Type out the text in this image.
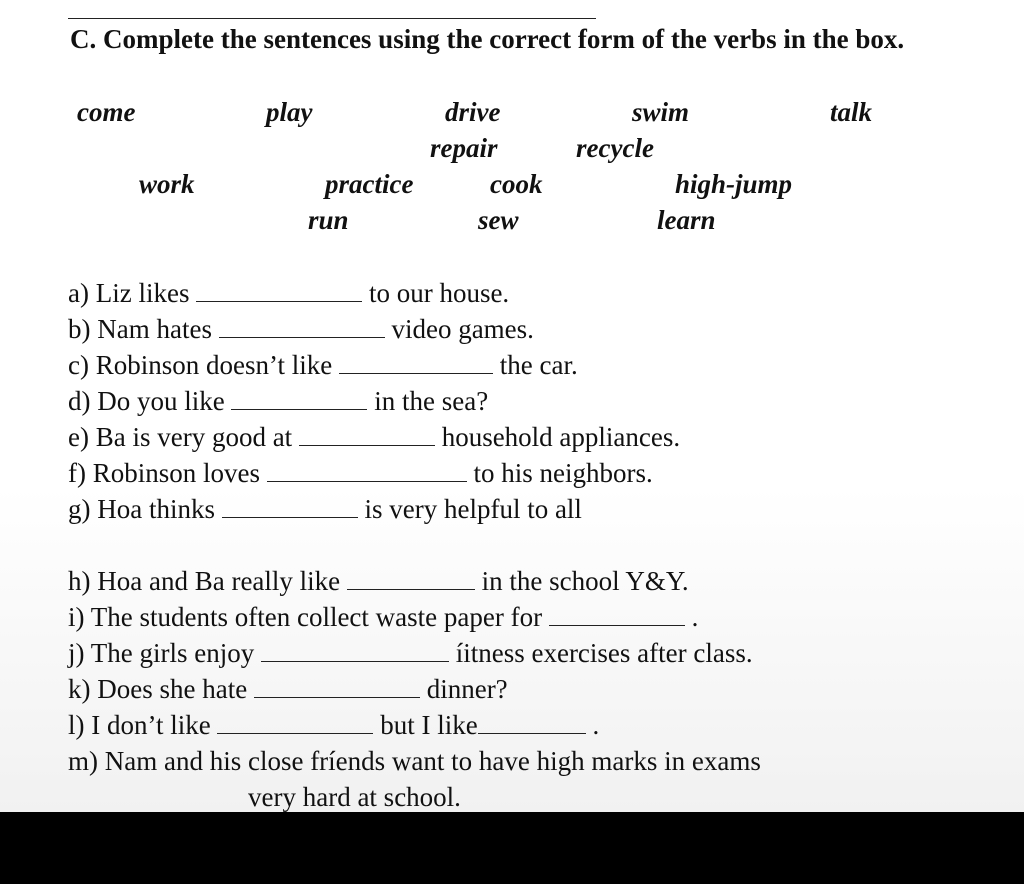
C. Complete the sentences using the correct form of the verbs in the box.

come	play	drive	swim	talk
repair	recycle
work	practice	cook	high-jump
run	sew	learn
a) Liz likes	to our house.
b) Nam hates	video games.
c) Robinson doesn’t like	the car.
d) Do you like	in the sea?
e) Ba is very good at	household appliances.
f) Robinson loves	to his neighbors.
g) Hoa thinks	is very helpful to all
h) Hoa and Ba really like	in the school Y&Y.
i) The students often collect waste paper for	.
j) The girls enjoy	íitness exercises after class.
k) Does she hate	dinner?
l) I don’t like	but I like	.
m) Nam and his close fríends want to have high marks in exams
very hard at school.
